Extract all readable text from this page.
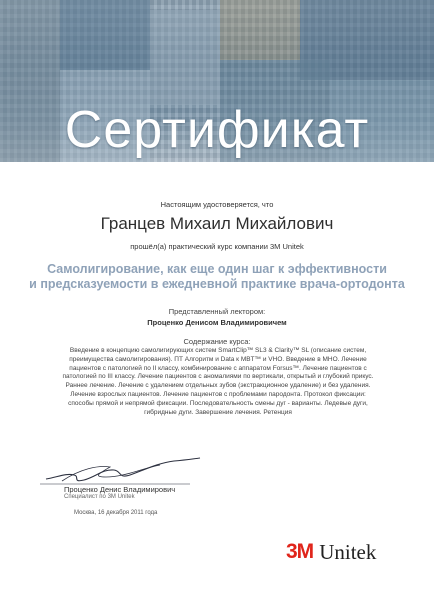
Сертификат
Настоящим удостоверяется, что
Гранцев Михаил Михайлович
прошёл(а) практический курс компании 3M Unitek
Самолигирование, как еще один шаг к эффективности
и предсказуемости в ежедневной практике врача-ортодонта
Представленный лектором:
Проценко Денисом Владимировичем
Содержание курса:
Введение в концепцию самолигирующих систем SmartClip™ SL3 & Clarity™ SL (описание систем, преимущества самолигирования). ПТ Алгоритм и Data к MBT™ и VHO. Введение в MHO. Лечение пациентов с патологией по II классу, комбинирование с аппаратом Forsus™. Лечение пациентов с патологией по III классу. Лечение пациентов с аномалиями по вертикали, открытый и глубокий прикус. Раннее лечение. Лечение с удалением отдельных зубов (экстракционное удаление) и без удаления. Лечение взрослых пациентов. Лечение пациентов с проблемами пародонта. Протокол фиксации: способы прямой и непрямой фиксации. Последовательность смены дуг - варианты. Ледевые дуги, гибридные дуги. Завершение лечения. Ретенция
Проценко Денис Владимирович
Специалист по 3M Unitek
Москва, 16 декабря 2011 года
3M Unitek
